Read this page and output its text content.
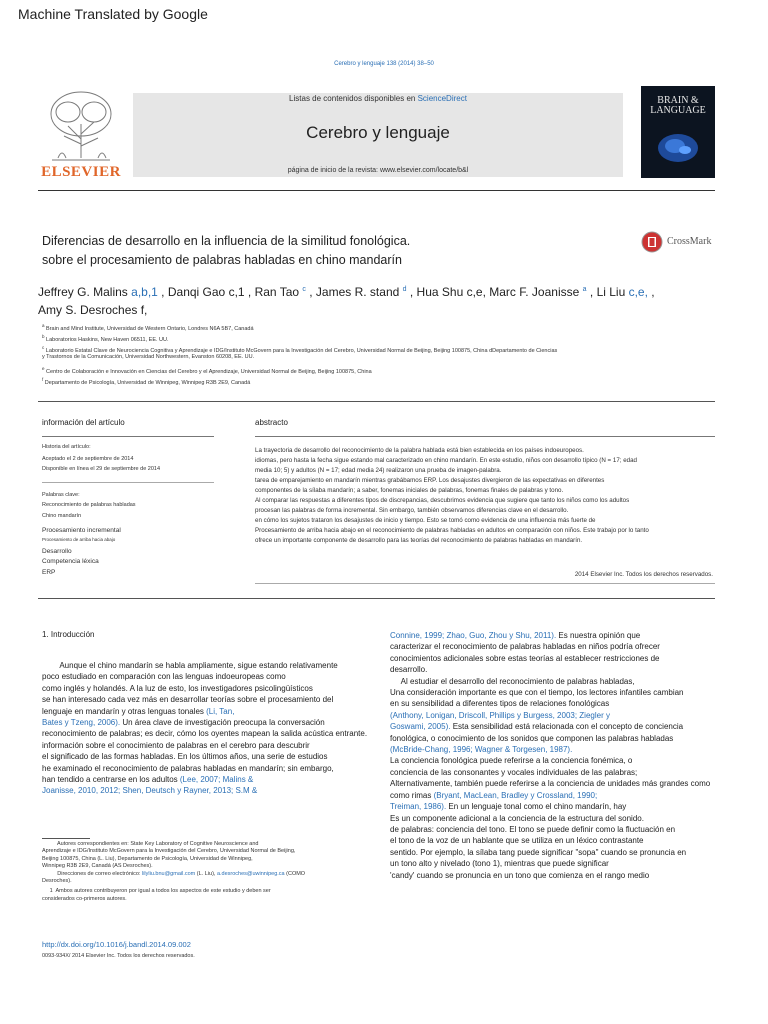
Machine Translated by Google
Cerebro y lenguaje 138 (2014) 38–50
ELSEVIER
Listas de contenidos disponibles en ScienceDirect
Cerebro y lenguaje
página de inicio de la revista: www.elsevier.com/locate/b&l
BRAIN &
LANGUAGE
Diferencias de desarrollo en la influencia de la similitud fonológica.
sobre el procesamiento de palabras habladas en chino mandarín
CrossMark
Jeffrey G. Malins a,b,1 , Danqi Gao c,1 , Ran Tao $^c$ , James R. stand $^d$ , Hua Shu c,e, Marc F. Joanisse $^a$ , Li Liu c,e, ,
Amy S. Desroches f,
$^a$ Brain and Mind Institute, Universidad de Western Ontario, Londres N6A 5B7, Canadá
$^b$ Laboratorios Haskins, New Haven 06511, EE. UU.
$^c$ Laboratorio Estatal Clave de Neurociencia Cognitiva y Aprendizaje e IDG/Instituto McGovern para la Investigación del Cerebro, Universidad Normal de Beijing, Beijing 100875, China dDepartamento de Ciencias
y Trastornos de la Comunicación, Universidad Northwestern, Evanston 60208, EE. UU.
$^e$ Centro de Colaboración e Innovación en Ciencias del Cerebro y el Aprendizaje, Universidad Normal de Beijing, Beijing 100875, China
$^f$ Departamento de Psicología, Universidad de Winnipeg, Winnipeg R3B 2E9, Canadá
información del artículo
Historia del artículo:
Aceptado el 2 de septiembre de 2014
Disponible en línea el 29 de septiembre de 2014
Palabras clave:
Reconocimiento de palabras habladas
Chino mandarín
Procesamiento incremental
Procesamiento de arriba hacia abajo
Desarrollo
Competencia léxica
ERP
abstracto
La trayectoria de desarrollo del reconocimiento de la palabra hablada está bien establecida en los países indoeuropeos.
idiomas, pero hasta la fecha sigue estando mal caracterizado en chino mandarín. En este estudio, niños con desarrollo típico (N = 17; edad
media 10; 5) y adultos (N = 17; edad media 24) realizaron una prueba de imagen-palabra.
tarea de emparejamiento en mandarín mientras grabábamos ERP. Los desajustes divergieron de las expectativas en diferentes
componentes de la sílaba mandarín; a saber, fonemas iniciales de palabras, fonemas finales de palabras y tono.
Al comparar las respuestas a diferentes tipos de discrepancias, descubrimos evidencia que sugiere que tanto los niños como los adultos
procesan las palabras de forma incremental. Sin embargo, también observamos diferencias clave en el desarrollo.
en cómo los sujetos trataron los desajustes de inicio y tiempo. Esto se tomó como evidencia de una influencia más fuerte de
Procesamiento de arriba hacia abajo en el reconocimiento de palabras habladas en adultos en comparación con niños. Este trabajo por lo tanto
ofrece un importante componente de desarrollo para las teorías del reconocimiento de palabras habladas en mandarín.
2014 Elsevier Inc. Todos los derechos reservados.
1. Introducción
Aunque el chino mandarín se habla ampliamente, sigue estando relativamente
poco estudiado en comparación con las lenguas indoeuropeas como
como inglés y holandés. A la luz de esto, los investigadores psicolingüísticos
se han interesado cada vez más en desarrollar teorías sobre el procesamiento del
lenguaje en mandarín y otras lenguas tonales (Li, Tan,
Bates y Tzeng, 2006). Un área clave de investigación preocupa la conversación
reconocimiento de palabras; es decir, cómo los oyentes mapean la salida acústica entrante.
información sobre el conocimiento de palabras en el cerebro para descubrir
el significado de las formas habladas. En los últimos años, una serie de estudios
he examinado el reconocimiento de palabras habladas en mandarín; sin embargo,
han tendido a centrarse en los adultos (Lee, 2007; Malins &
Joanisse, 2010, 2012; Shen, Deutsch y Rayner, 2013; S.M &
Connine, 1999; Zhao, Guo, Zhou y Shu, 2011). Es nuestra opinión que
caracterizar el reconocimiento de palabras habladas en niños podría ofrecer
conocimientos adicionales sobre estas teorías al establecer restricciones de
desarrollo.
Al estudiar el desarrollo del reconocimiento de palabras habladas,
Una consideración importante es que con el tiempo, los lectores infantiles cambian
en su sensibilidad a diferentes tipos de relaciones fonológicas
(Anthony, Lonigan, Driscoll, Phillips y Burgess, 2003; Ziegler y
Goswami, 2005). Esta sensibilidad está relacionada con el concepto de conciencia
fonológica, o conocimiento de los sonidos que componen las palabras habladas
(McBride-Chang, 1996; Wagner & Torgesen, 1987).
La conciencia fonológica puede referirse a la conciencia fonémica, o
conciencia de las consonantes y vocales individuales de las palabras;
Alternativamente, también puede referirse a la conciencia de unidades más grandes como
como rimas (Bryant, MacLean, Bradley y Crossland, 1990;
Treiman, 1986). En un lenguaje tonal como el chino mandarín, hay
Es un componente adicional a la conciencia de la estructura del sonido.
de palabras: conciencia del tono. El tono se puede definir como la fluctuación en
el tono de la voz de un hablante que se utiliza en un léxico contrastante
sentido. Por ejemplo, la sílaba tang puede significar "sopa" cuando se pronuncia en
un tono alto y nivelado (tono 1), mientras que puede significar
'candy' cuando se pronuncia en un tono que comienza en el rango medio
Autores correspondientes en: State Key Laboratory of Cognitive Neuroscience and
Aprendizaje e IDG/Instituto McGovern para la Investigación del Cerebro, Universidad Normal de Beijing,
Beijing 100875, China (L. Liu), Departamento de Psicología, Universidad de Winnipeg,
Winnipeg R3B 2E9, Canadá (AS Desroches).
Direcciones de correo electrónico: lilyliu.bnu@gmail.com (L. Liu), a.desroches@uwinnipeg.ca (COMO
Desroches).
1  Ambos autores contribuyeron por igual a todos los aspectos de este estudio y deben ser
considerados co-primeros autores.
http://dx.doi.org/10.1016/j.bandl.2014.09.002
0093-934X/ 2014 Elsevier Inc. Todos los derechos reservados.
